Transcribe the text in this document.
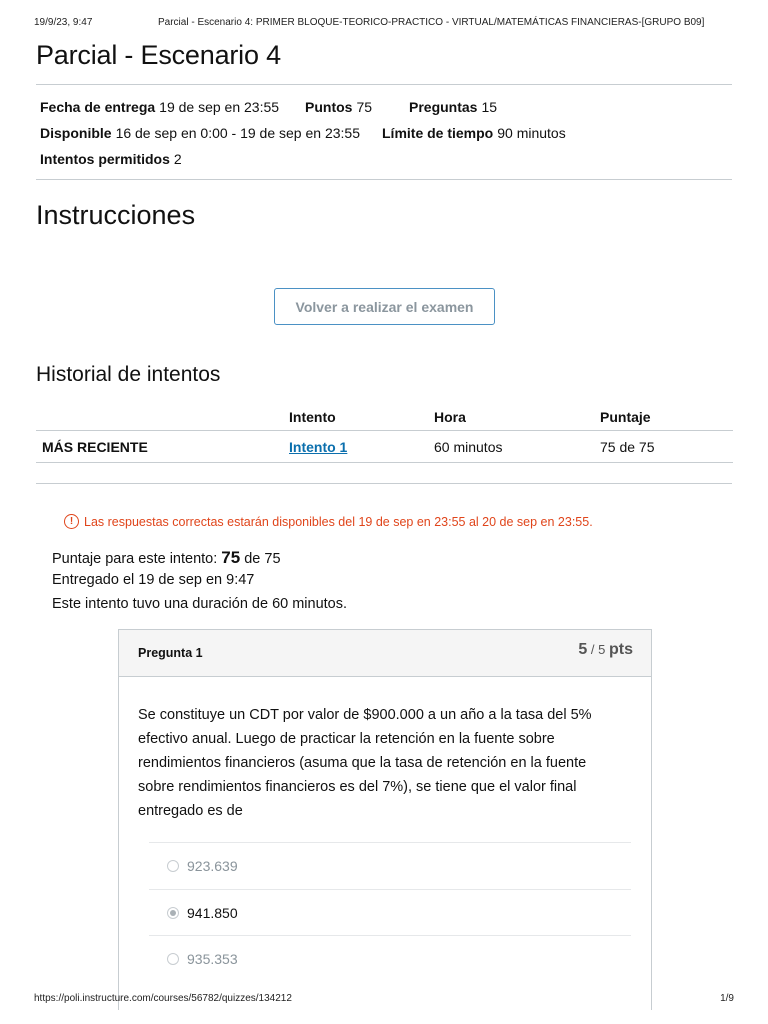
19/9/23, 9:47	Parcial - Escenario 4: PRIMER BLOQUE-TEORICO-PRACTICO - VIRTUAL/MATEMÁTICAS FINANCIERAS-[GRUPO B09]
Parcial - Escenario 4
Fecha de entrega 19 de sep en 23:55 Puntos 75	Preguntas 15
Disponible 16 de sep en 0:00 - 19 de sep en 23:55 Límite de tiempo 90 minutos
Intentos permitidos 2
Instrucciones
Volver a realizar el examen
Historial de intentos
	Intento	Hora	Puntaje
MÁS RECIENTE	Intento 1	60 minutos	75 de 75
! Las respuestas correctas estarán disponibles del 19 de sep en 23:55 al 20 de sep en 23:55.
Puntaje para este intento: 75 de 75
Entregado el 19 de sep en 9:47
Este intento tuvo una duración de 60 minutos.
Pregunta 1	5 / 5 pts
Se constituye un CDT por valor de $900.000 a un año a la tasa del 5% efectivo anual. Luego de practicar la retención en la fuente sobre rendimientos financieros (asuma que la tasa de retención en la fuente sobre rendimientos financieros es del 7%), se tiene que el valor final entregado es de
923.639
941.850
935.353
https://poli.instructure.com/courses/56782/quizzes/134212	1/9
